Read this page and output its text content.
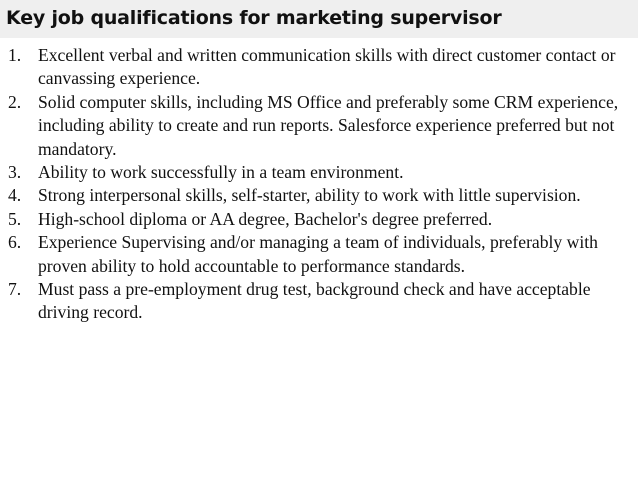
Key job qualifications for marketing supervisor
1. Excellent verbal and written communication skills with direct customer contact or canvassing experience.
2. Solid computer skills, including MS Office and preferably some CRM experience, including ability to create and run reports. Salesforce experience preferred but not mandatory.
3. Ability to work successfully in a team environment.
4. Strong interpersonal skills, self-starter, ability to work with little supervision.
5. High-school diploma or AA degree, Bachelor's degree preferred.
6. Experience Supervising and/or managing a team of individuals, preferably with proven ability to hold accountable to performance standards.
7. Must pass a pre-employment drug test, background check and have acceptable driving record.
